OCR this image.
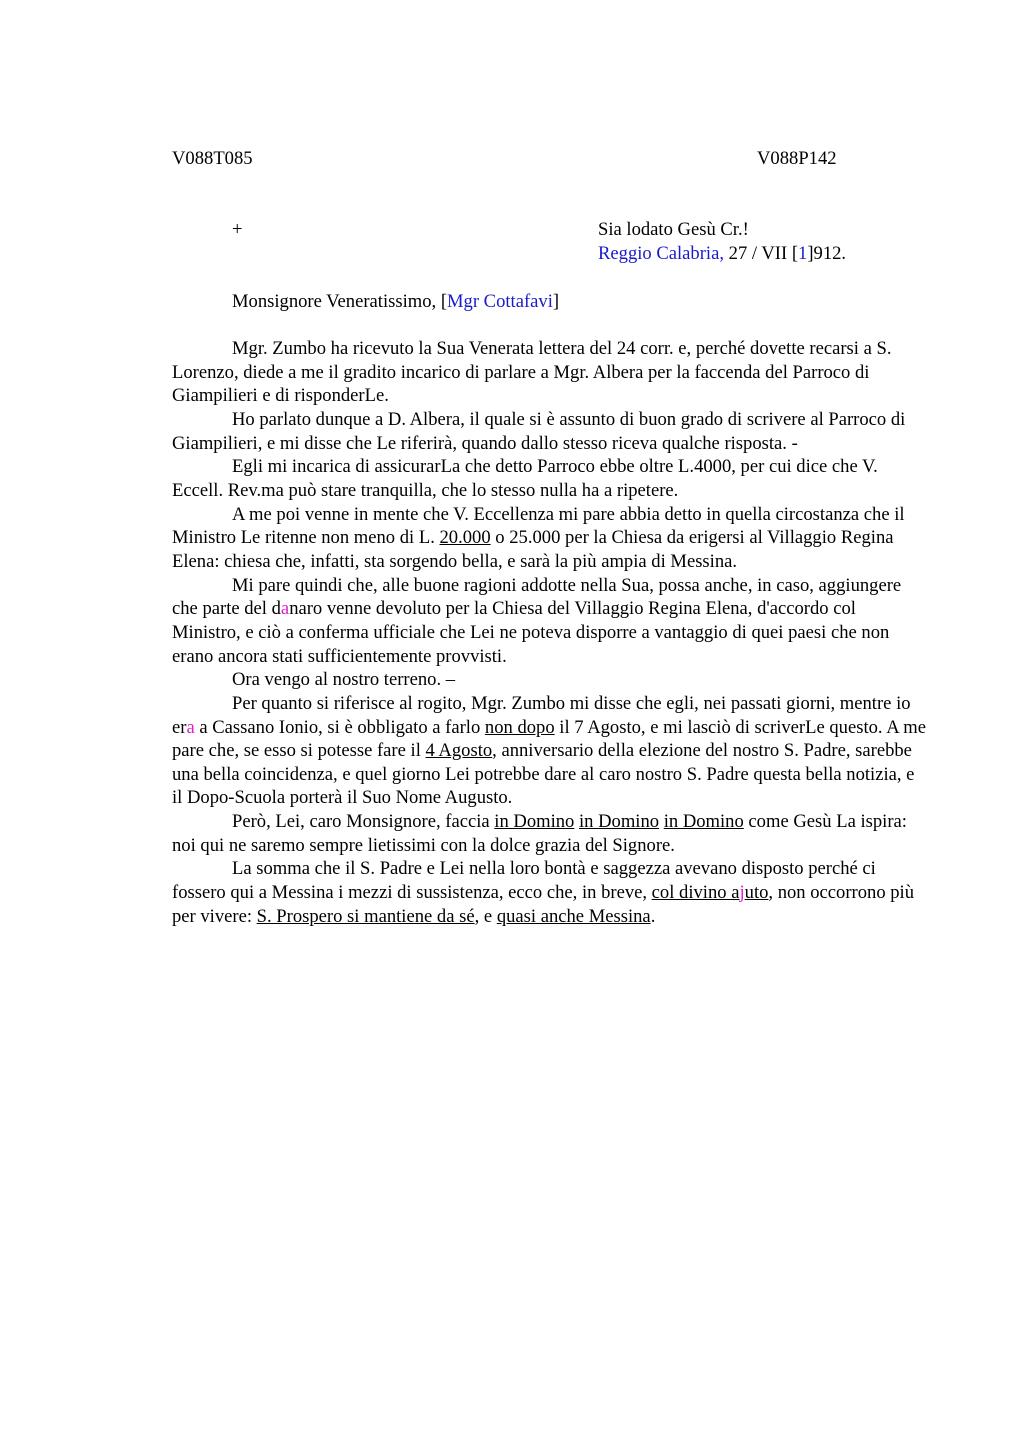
V088T085	V088P142
+	Sia lodato Gesù Cr.!
Reggio Calabria, 27 / VII [1]912.
Monsignore Veneratissimo, [Mgr Cottafavi]

Mgr. Zumbo ha ricevuto la Sua Venerata lettera del 24 corr. e, perché dovette recarsi a S. Lorenzo, diede a me il gradito incarico di parlare a Mgr. Albera per la faccenda del Parroco di Giampilieri e di risponderLe.

Ho parlato dunque a D. Albera, il quale si è assunto di buon grado di scrivere al Parroco di Giampilieri, e mi disse che Le riferirà, quando dallo stesso riceva qualche risposta. -

Egli mi incarica di assicurarLa che detto Parroco ebbe oltre L.4000, per cui dice che V. Eccell. Rev.ma può stare tranquilla, che lo stesso nulla ha a ripetere.

A me poi venne in mente che V. Eccellenza mi pare abbia detto in quella circostanza che il Ministro Le ritenne non meno di L. 20.000 o 25.000 per la Chiesa da erigersi al Villaggio Regina Elena: chiesa che, infatti, sta sorgendo bella, e sarà la più ampia di Messina.

Mi pare quindi che, alle buone ragioni addotte nella Sua, possa anche, in caso, aggiungere che parte del danaro venne devoluto per la Chiesa del Villaggio Regina Elena, d'accordo col Ministro, e ciò a conferma ufficiale che Lei ne poteva disporre a vantaggio di quei paesi che non erano ancora stati sufficientemente provvisti.

Ora vengo al nostro terreno. –

Per quanto si riferisce al rogito, Mgr. Zumbo mi disse che egli, nei passati giorni, mentre io era a Cassano Ionio, si è obbligato a farlo non dopo il 7 Agosto, e mi lasciò di scriverLe questo. A me pare che, se esso si potesse fare il 4 Agosto, anniversario della elezione del nostro S. Padre, sarebbe una bella coincidenza, e quel giorno Lei potrebbe dare al caro nostro S. Padre questa bella notizia, e il Dopo-Scuola porterà il Suo Nome Augusto.

Però, Lei, caro Monsignore, faccia in Domino in Domino in Domino come Gesù La ispira: noi qui ne saremo sempre lietissimi con la dolce grazia del Signore.

La somma che il S. Padre e Lei nella loro bontà e saggezza avevano disposto perché ci fossero qui a Messina i mezzi di sussistenza, ecco che, in breve, col divino ajuto, non occorrono più per vivere: S. Prospero si mantiene da sé, e quasi anche Messina.
